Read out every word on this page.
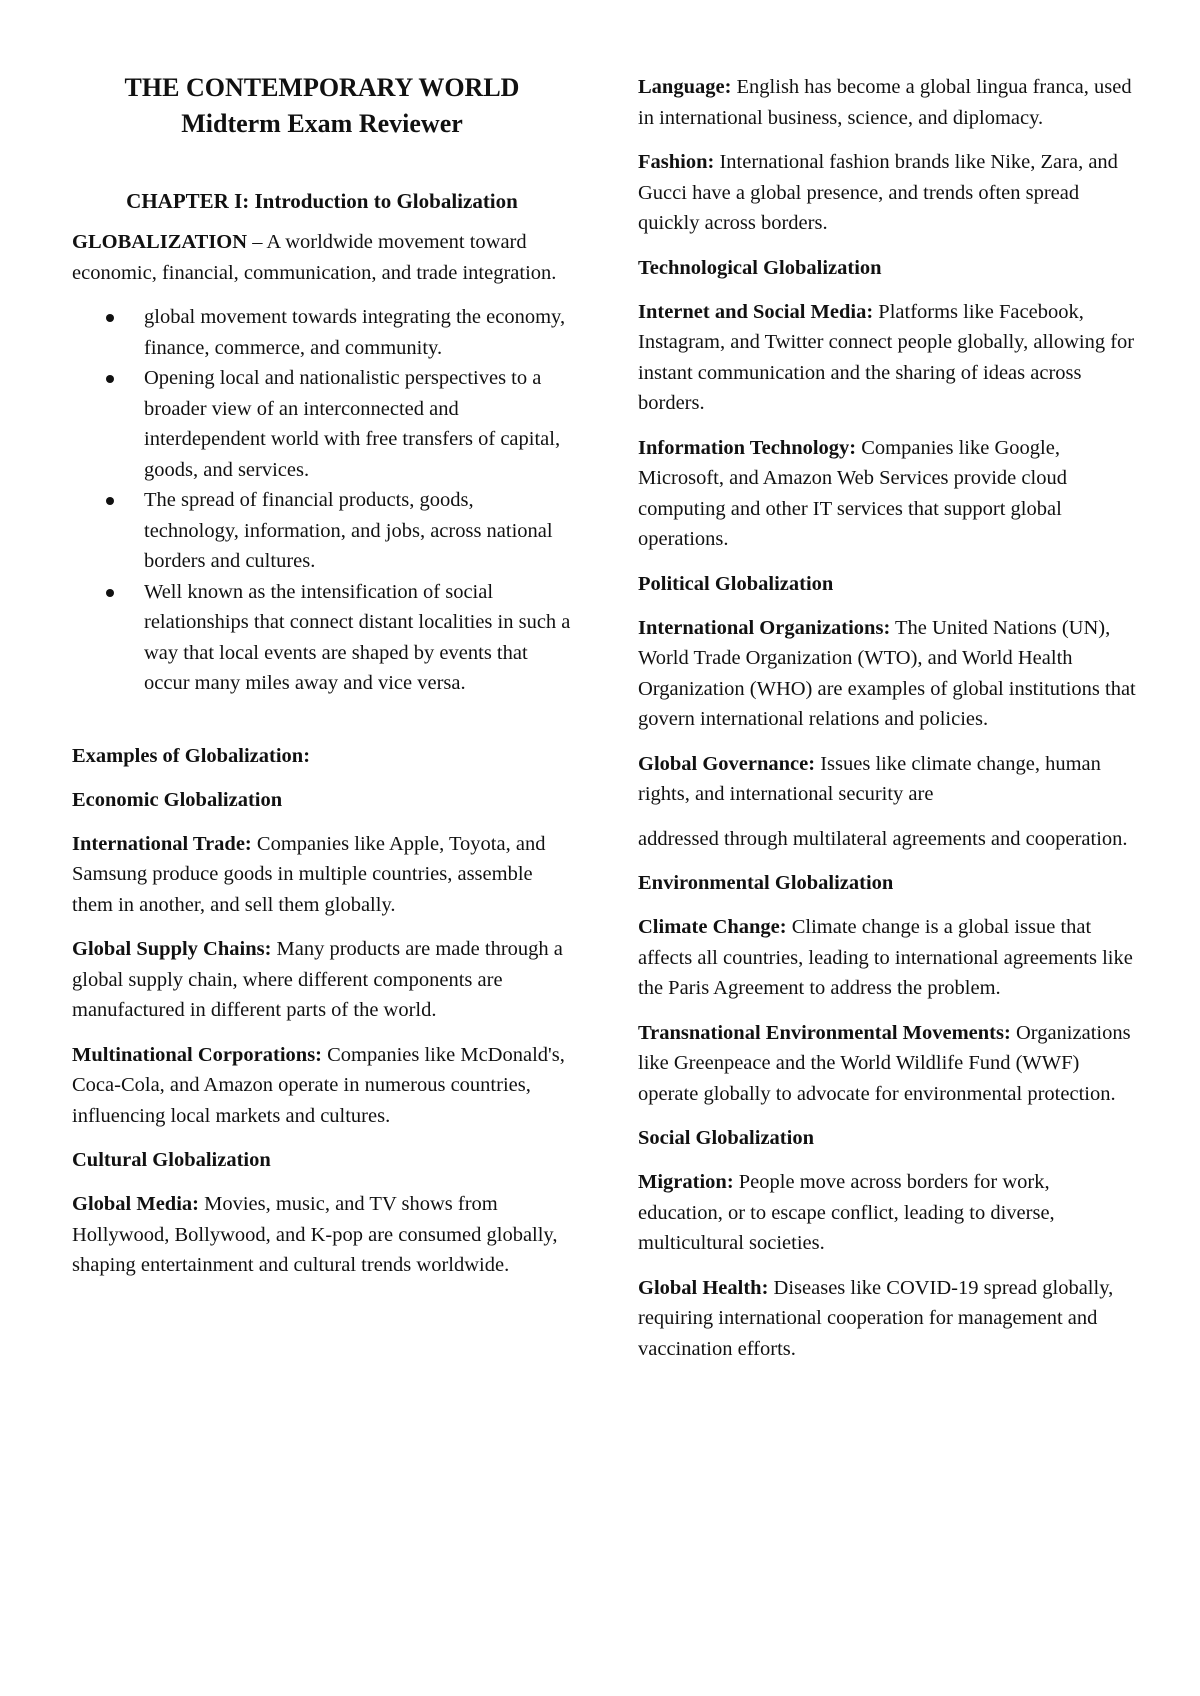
THE CONTEMPORARY WORLD
Midterm Exam Reviewer
CHAPTER I: Introduction to Globalization

GLOBALIZATION – A worldwide movement toward economic, financial, communication, and trade integration.

global movement towards integrating the economy, finance, commerce, and community.
Opening local and nationalistic perspectives to a broader view of an interconnected and interdependent world with free transfers of capital, goods, and services.
The spread of financial products, goods, technology, information, and jobs, across national borders and cultures.
Well known as the intensification of social relationships that connect distant localities in such a way that local events are shaped by events that occur many miles away and vice versa.
Examples of Globalization:
Economic Globalization

International Trade: Companies like Apple, Toyota, and Samsung produce goods in multiple countries, assemble them in another, and sell them globally.

Global Supply Chains: Many products are made through a global supply chain, where different components are manufactured in different parts of the world.

Multinational Corporations: Companies like McDonald's, Coca-Cola, and Amazon operate in numerous countries, influencing local markets and cultures.

Cultural Globalization

Global Media: Movies, music, and TV shows from Hollywood, Bollywood, and K-pop are consumed globally, shaping entertainment and cultural trends worldwide.

Language: English has become a global lingua franca, used in international business, science, and diplomacy.

Fashion: International fashion brands like Nike, Zara, and Gucci have a global presence, and trends often spread quickly across borders.

Technological Globalization

Internet and Social Media: Platforms like Facebook, Instagram, and Twitter connect people globally, allowing for instant communication and the sharing of ideas across borders.

Information Technology: Companies like Google, Microsoft, and Amazon Web Services provide cloud computing and other IT services that support global operations.

Political Globalization

International Organizations: The United Nations (UN), World Trade Organization (WTO), and World Health Organization (WHO) are examples of global institutions that govern international relations and policies.

Global Governance: Issues like climate change, human rights, and international security are

addressed through multilateral agreements and cooperation.

Environmental Globalization

Climate Change: Climate change is a global issue that affects all countries, leading to international agreements like the Paris Agreement to address the problem.

Transnational Environmental Movements: Organizations like Greenpeace and the World Wildlife Fund (WWF) operate globally to advocate for environmental protection.

Social Globalization

Migration: People move across borders for work, education, or to escape conflict, leading to diverse, multicultural societies.

Global Health: Diseases like COVID-19 spread globally, requiring international cooperation for management and vaccination efforts.
